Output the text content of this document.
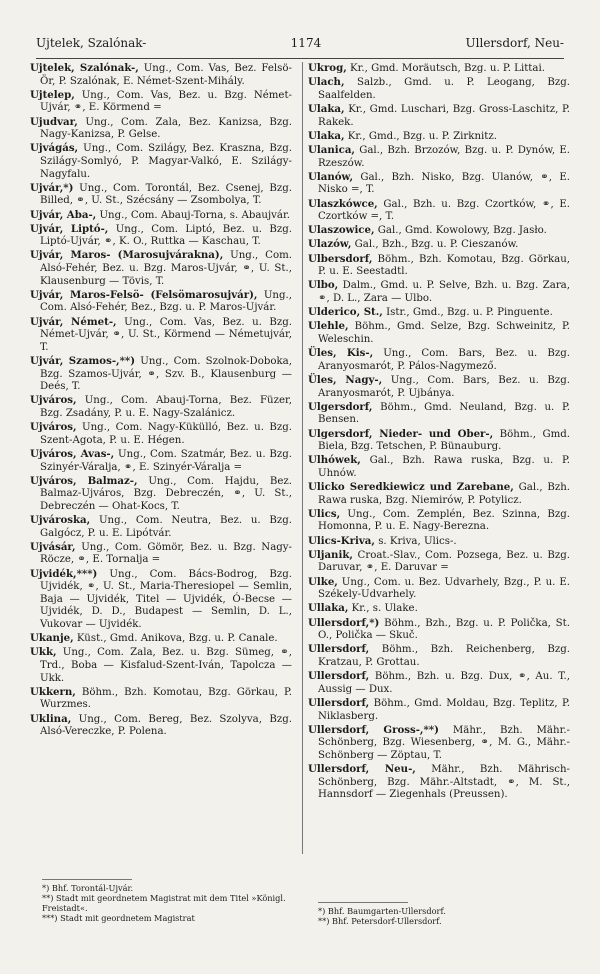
Ujtelek, Szalónak-	1174	Ullersdorf, Neu-

Ujtelek, Szalónak-, Ung., Com. Vas, Bez. Felsö-Ör, P. Szalónak, E. Német-Szent-Mihály.

Ujtelep, Ung., Com. Vas, Bez. u. Bzg. Német-Ujvár, ⚭, E. Körmend =

Ujudvar, Ung., Com. Zala, Bez. Kanizsa, Bzg. Nagy-Kanizsa, P. Gelse.

Ujvágás, Ung., Com. Szilágy, Bez. Kraszna, Bzg. Szilágy-Somlyó, P. Magyar-Valkó, E. Szilágy-Nagyfalu.

Ujvár,*) Ung., Com. Torontál, Bez. Csenej, Bzg. Billed, ⚭, U. St., Szécsány — Zsombolya, T.

Ujvár, Aba-, Ung., Com. Abauj-Torna, s. Abaujvár.

Ujvár, Liptó-, Ung., Com. Liptó, Bez. u. Bzg. Liptó-Ujvár, ⚭, K. O., Ruttka — Kaschau, T.

Ujvár, Maros- (Marosujvárakna), Ung., Com. Alsó-Fehér, Bez. u. Bzg. Maros-Ujvár, ⚭, U. St., Klausenburg — Tövis, T.

Ujvár, Maros-Felsö- (Felsömarosujvár), Ung., Com. Alsó-Fehér, Bez., Bzg. u. P. Maros-Ujvár.

Ujvár, Német-, Ung., Com. Vas, Bez. u. Bzg. Német-Ujvár, ⚭, U. St., Körmend — Németujvár, T.

Ujvár, Szamos-,**) Ung., Com. Szolnok-Doboka, Bzg. Szamos-Ujvár, ⚭, Szv. B., Klausenburg — Deés, T.

Ujváros, Ung., Com. Abauj-Torna, Bez. Füzer, Bzg. Zsadány, P. u. E. Nagy-Szalánicz.

Ujváros, Ung., Com. Nagy-Kükülló, Bez. u. Bzg. Szent-Agota, P. u. E. Hégen.

Ujváros, Avas-, Ung., Com. Szatmár, Bez. u. Bzg. Szinyér-Váralja, ⚭, E. Szinyér-Váralja =

Ujváros, Balmaz-, Ung., Com. Hajdu, Bez. Balmaz-Ujváros, Bzg. Debreczén, ⚭, U. St., Debreczén — Ohat-Kocs, T.

Ujvároska, Ung., Com. Neutra, Bez. u. Bzg. Galgócz, P. u. E. Lipótvár.

Ujvásár, Ung., Com. Gömör, Bez. u. Bzg. Nagy-Röcze, ⚭, E. Tornalja =

Ujvidék,***) Ung., Com. Bács-Bodrog, Bzg. Ujvidék, ⚭, U. St., Maria-Theresiopel — Semlin, Baja — Ujvidék, Titel — Ujvidék, Ó-Becse — Ujvidék, D. D., Budapest — Semlin, D. L., Vukovar — Ujvidék.

Ukanje, Küst., Gmd. Anikova, Bzg. u. P. Canale.

Ukk, Ung., Com. Zala, Bez. u. Bzg. Sümeg, ⚭, Trd., Boba — Kisfalud-Szent-Iván, Tapolcza — Ukk.

Ukkern, Böhm., Bzh. Komotau, Bzg. Görkau, P. Wurzmes.

Uklina, Ung., Com. Bereg, Bez. Szolyva, Bzg. Alsó-Vereczke, P. Polena.

Ukrog, Kr., Gmd. Moräutsch, Bzg. u. P. Littai.

Ulach, Salzb., Gmd. u. P. Leogang, Bzg. Saalfelden.

Ulaka, Kr., Gmd. Luschari, Bzg. Gross-Laschitz, P. Rakek.

Ulaka, Kr., Gmd., Bzg. u. P. Zirknitz.

Ulanica, Gal., Bzh. Brzozów, Bzg. u. P. Dynów, E. Rzeszów.

Ulanów, Gal., Bzh. Nisko, Bzg. Ulanów, ⚭, E. Nisko =, T.

Ulaszkówce, Gal., Bzh. u. Bzg. Czortków, ⚭, E. Czortków =, T.

Ulaszowice, Gal., Gmd. Kowolowy, Bzg. Jasło.

Ulazów, Gal., Bzh., Bzg. u. P. Cieszanów.

Ulbersdorf, Böhm., Bzh. Komotau, Bzg. Görkau, P. u. E. Seestadtl.

Ulbo, Dalm., Gmd. u. P. Selve, Bzh. u. Bzg. Zara, ⚭, D. L., Zara — Ulbo.

Ulderico, St., Istr., Gmd., Bzg. u. P. Pinguente.

Ulehle, Böhm., Gmd. Selze, Bzg. Schweinitz, P. Weleschin.

Üles, Kis-, Ung., Com. Bars, Bez. u. Bzg. Aranyosmarót, P. Pálos-Nagymező.

Üles, Nagy-, Ung., Com. Bars, Bez. u. Bzg. Aranyosmarót, P. Ujbánya.

Ulgersdorf, Böhm., Gmd. Neuland, Bzg. u. P. Bensen.

Ulgersdorf, Nieder- und Ober-, Böhm., Gmd. Biela, Bzg. Tetschen, P. Bünauburg.

Ulhówek, Gal., Bzh. Rawa ruska, Bzg. u. P. Uhnów.

Ulicko Seredkiewicz und Zarebane, Gal., Bzh. Rawa ruska, Bzg. Niemirów, P. Potylicz.

Ulics, Ung., Com. Zemplén, Bez. Szinna, Bzg. Homonna, P. u. E. Nagy-Berezna.

Ulics-Kriva, s. Kriva, Ulics-.

Uljanik, Croat.-Slav., Com. Pozsega, Bez. u. Bzg. Daruvar, ⚭, E. Daruvar =

Ulke, Ung., Com. u. Bez. Udvarhely, Bzg., P. u. E. Székely-Udvarhely.

Ullaka, Kr., s. Ulake.

Ullersdorf,*) Böhm., Bzh., Bzg. u. P. Polička, St. O., Polička — Skuč.

Ullersdorf, Böhm., Bzh. Reichenberg, Bzg. Kratzau, P. Grottau.

Ullersdorf, Böhm., Bzh. u. Bzg. Dux, ⚭, Au. T., Aussig — Dux.

Ullersdorf, Böhm., Gmd. Moldau, Bzg. Teplitz, P. Niklasberg.

Ullersdorf, Gross-,**) Mähr., Bzh. Mähr.-Schönberg, Bzg. Wiesenberg, ⚭, M. G., Mähr.-Schönberg — Zöptau, T.

Ullersdorf, Neu-, Mähr., Bzh. Mährisch-Schönberg, Bzg. Mähr.-Altstadt, ⚭, M. St., Hannsdorf — Ziegenhals (Preussen).

*) Bhf. Torontál-Ujvár.
**) Stadt mit geordnetem Magistrat mit dem Titel »Königl. Freistadt«.
***) Stadt mit geordnetem Magistrat
*) Bhf. Baumgarten-Ullersdorf.
**) Bhf. Petersdorf-Ullersdorf.
